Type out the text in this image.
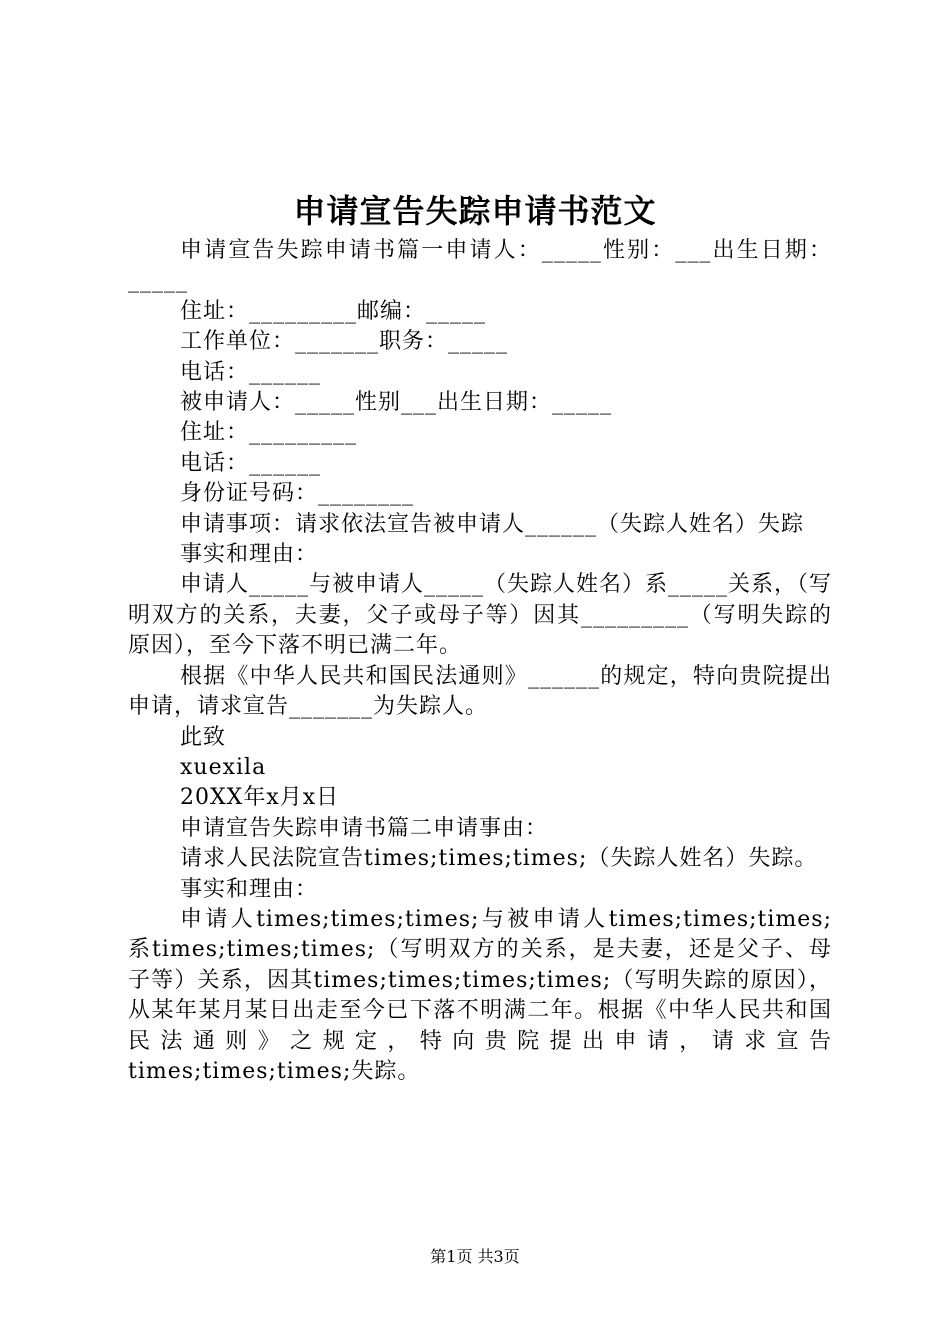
申请宣告失踪申请书范文

申请宣告失踪申请书篇一申请人：_____性别：___出生日期：_____

住址：_________邮编：_____

工作单位：_______职务：_____

电话：______

被申请人：_____性别___出生日期：_____

住址：_________

电话：______

身份证号码：________

申请事项：请求依法宣告被申请人______（失踪人姓名）失踪

事实和理由：

申请人_____与被申请人_____（失踪人姓名）系_____关系，（写明双方的关系，夫妻，父子或母子等）因其_________（写明失踪的原因），至今下落不明已满二年。

根据《中华人民共和国民法通则》______的规定，特向贵院提出申请，请求宣告_______为失踪人。

此致

xuexila

20XX年x月x日

申请宣告失踪申请书篇二申请事由：

请求人民法院宣告times;times;times;（失踪人姓名）失踪。

事实和理由：

申请人times;times;times;与被申请人times;times;times;系times;times;times;（写明双方的关系，是夫妻，还是父子、母子等）关系，因其times;times;times;times;（写明失踪的原因），从某年某月某日出走至今已下落不明满二年。根据《中华人民共和国民法通则》之规定，特向贵院提出申请，请求宣告times;times;times;失踪。

第1页 共3页
